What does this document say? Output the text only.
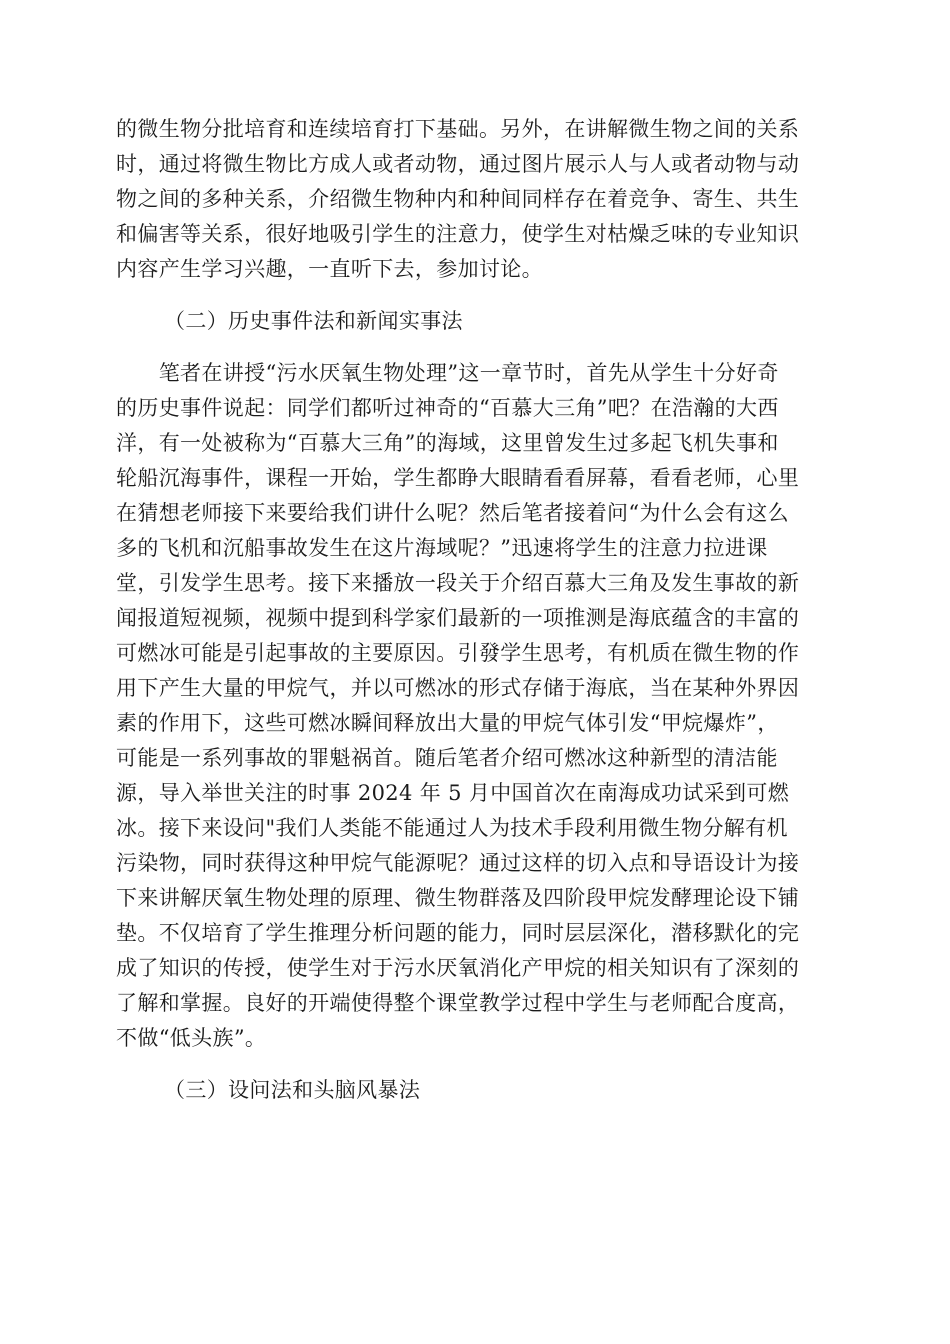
的微生物分批培育和连续培育打下基础。另外，在讲解微生物之间的关系
时，通过将微生物比方成人或者动物，通过图片展示人与人或者动物与动
物之间的多种关系，介绍微生物种内和种间同样存在着竞争、寄生、共生
和偏害等关系，很好地吸引学生的注意力，使学生对枯燥乏味的专业知识
内容产生学习兴趣，一直听下去，参加讨论。
（二）历史事件法和新闻实事法
　　笔者在讲授“污水厌氧生物处理”这一章节时，首先从学生十分好奇
的历史事件说起：同学们都听过神奇的“百慕大三角”吧？在浩瀚的大西
洋，有一处被称为“百慕大三角”的海域，这里曾发生过多起飞机失事和
轮船沉海事件，课程一开始，学生都睁大眼睛看看屏幕，看看老师，心里
在猜想老师接下来要给我们讲什么呢？然后笔者接着问“为什么会有这么
多的飞机和沉船事故发生在这片海域呢？”迅速将学生的注意力拉进课
堂，引发学生思考。接下来播放一段关于介绍百慕大三角及发生事故的新
闻报道短视频，视频中提到科学家们最新的一项推测是海底蕴含的丰富的
可燃冰可能是引起事故的主要原因。引發学生思考，有机质在微生物的作
用下产生大量的甲烷气，并以可燃冰的形式存储于海底，当在某种外界因
素的作用下，这些可燃冰瞬间释放出大量的甲烷气体引发“甲烷爆炸”，
可能是一系列事故的罪魁祸首。随后笔者介绍可燃冰这种新型的清洁能
源，导入举世关注的时事 2024 年 5 月中国首次在南海成功试采到可燃
冰。接下来设问"我们人类能不能通过人为技术手段利用微生物分解有机
污染物，同时获得这种甲烷气能源呢？通过这样的切入点和导语设计为接
下来讲解厌氧生物处理的原理、微生物群落及四阶段甲烷发酵理论设下铺
垫。不仅培育了学生推理分析问题的能力，同时层层深化，潜移默化的完
成了知识的传授，使学生对于污水厌氧消化产甲烷的相关知识有了深刻的
了解和掌握。良好的开端使得整个课堂教学过程中学生与老师配合度高，
不做“低头族”。
（三）设问法和头脑风暴法
